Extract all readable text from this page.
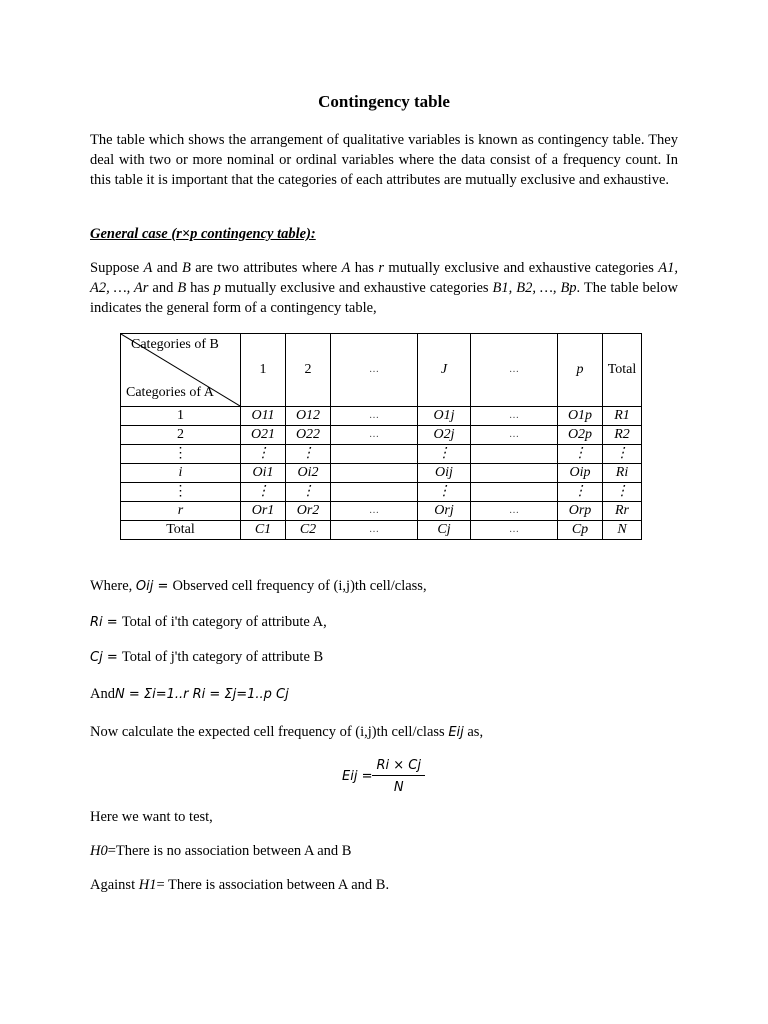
Contingency table

The table which shows the arrangement of qualitative variables is known as contingency table. They deal with two or more nominal or ordinal variables where the data consist of a frequency count. In this table it is important that the categories of each attributes are mutually exclusive and exhaustive.

General case (r×p contingency table):

Suppose A and B are two attributes where A has r mutually exclusive and exhaustive categories A1, A2, …, Ar and B has p mutually exclusive and exhaustive categories B1, B2, …, Bp. The table below indicates the general form of a contingency table,

Categories of B
Categories of A	1	2	…	J	…	p	Total
1	O11	O12	…	O1j	…	O1p	R1
2	O21	O22	…	O2j	…	O2p	R2
⋮	⋮	⋮		⋮		⋮	⋮
i	Oi1	Oi2		Oij		Oip	Ri
⋮	⋮	⋮		⋮		⋮	⋮
r	Or1	Or2	…	Orj	…	Orp	Rr
Total	C1	C2	…	Cj	…	Cp	N

Where, Oij = Observed cell frequency of (i,j)th cell/class,

Ri = Total of i'th category of attribute A,

Cj = Total of j'th category of attribute B

AndN = Σi=1..r Ri = Σj=1..p Cj

Now calculate the expected cell frequency of (i,j)th cell/class Eij as,

Eij = $\frac{Ri \times Cj}{N}$

Here we want to test,

H0=There is no association between A and B

Against H1= There is association between A and B.
